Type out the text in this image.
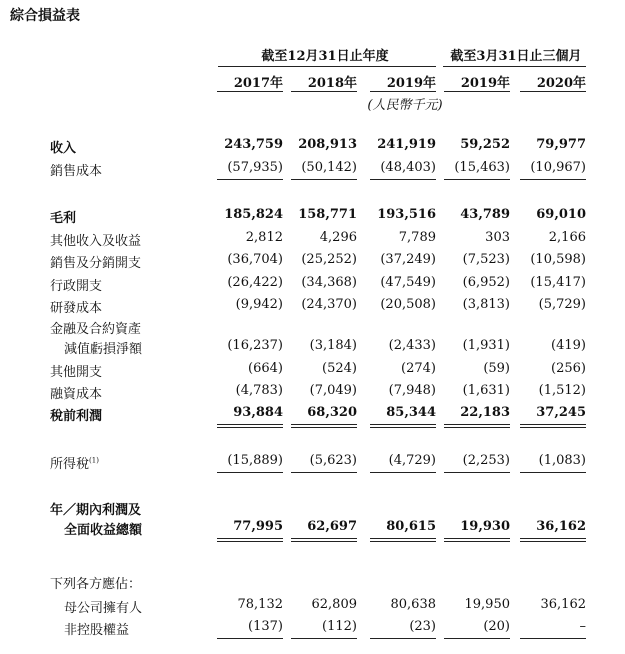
綜合損益表
截至12月31日止年度	截至3月31日止三個月
2017年	2018年	2019年	2019年	2020年
(人民幣千元)
收入	243,759	208,913	241,919	59,252	79,977
銷售成本	(57,935)	(50,142)	(48,403)	(15,463)	(10,967)
毛利	185,824	158,771	193,516	43,789	69,010
其他收入及收益	2,812	4,296	7,789	303	2,166
銷售及分銷開支	(36,704)	(25,252)	(37,249)	(7,523)	(10,598)
行政開支	(26,422)	(34,368)	(47,549)	(6,952)	(15,417)
研發成本	(9,942)	(24,370)	(20,508)	(3,813)	(5,729)
金融及合約資產
減值虧損淨額	(16,237)	(3,184)	(2,433)	(1,931)	(419)
其他開支	(664)	(524)	(274)	(59)	(256)
融資成本	(4,783)	(7,049)	(7,948)	(1,631)	(1,512)
稅前利潤	93,884	68,320	85,344	22,183	37,245
所得稅$^{(1)}$	(15,889)	(5,623)	(4,729)	(2,253)	(1,083)
年／期內利潤及
全面收益總額	77,995	62,697	80,615	19,930	36,162
下列各方應佔：
母公司擁有人	78,132	62,809	80,638	19,950	36,162
非控股權益	(137)	(112)	(23)	(20)	–
